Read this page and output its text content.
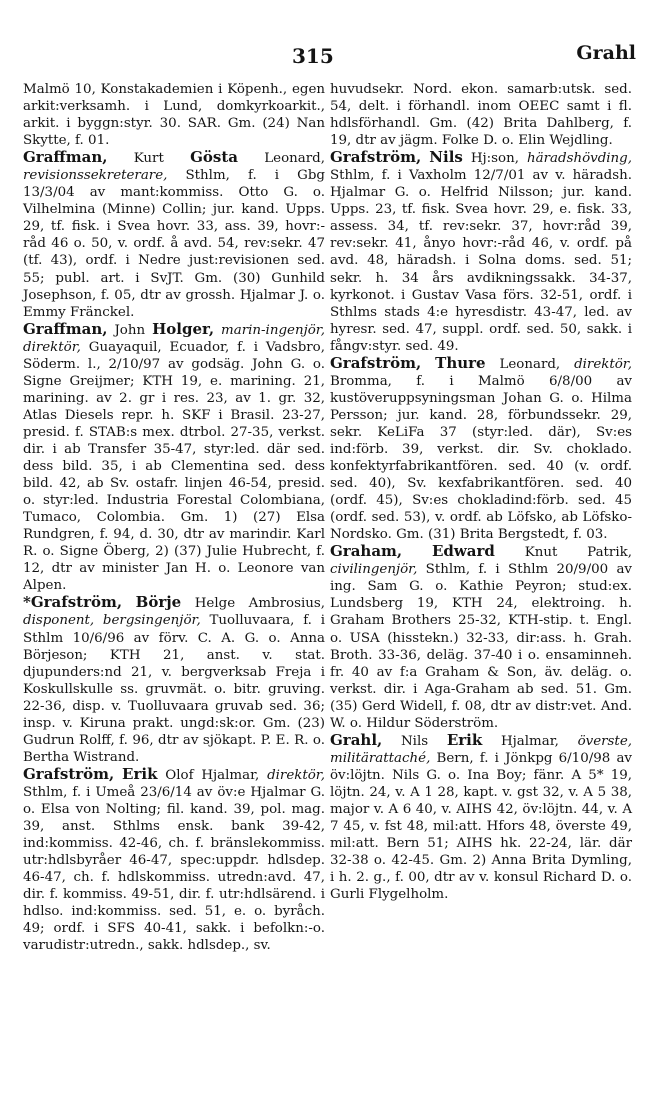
315	Grahl

Malmö 10, Konstakademien i Köpenh., egen arkit:verksamh. i Lund, domkyrkoarkit., arkit. i byggn:styr. 30. SAR. Gm. (24) Nan Skytte, f. 01.

Graffman, Kurt Gösta Leonard, revisionssekreterare, Sthlm, f. i Gbg 13/3/04 av mant:kommiss. Otto G. o. Vilhelmina (Minne) Collin; jur. kand. Upps. 29, tf. fisk. i Svea hovr. 33, ass. 39, hovr:-råd 46 o. 50, v. ordf. å avd. 54, rev:sekr. 47 (tf. 43), ordf. i Nedre just:revisionen sed. 55; publ. art. i SvJT. Gm. (30) Gunhild Josephson, f. 05, dtr av grossh. Hjalmar J. o. Emmy Fränckel.

Graffman, John Holger, marin-ingenjör, direktör, Guayaquil, Ecuador, f. i Vadsbro, Söderm. l., 2/10/97 av godsäg. John G. o. Signe Greijmer; KTH 19, e. marining. 21, marining. av 2. gr i res. 23, av 1. gr. 32, Atlas Diesels repr. h. SKF i Brasil. 23-27, presid. f. STAB:s mex. dtrbol. 27-35, verkst. dir. i ab Transfer 35-47, styr:led. där sed. dess bild. 35, i ab Clementina sed. dess bild. 42, ab Sv. ostafr. linjen 46-54, presid. o. styr:led. Industria Forestal Colombiana, Tumaco, Colombia. Gm. 1) (27) Elsa Rundgren, f. 94, d. 30, dtr av marindir. Karl R. o. Signe Öberg, 2) (37) Julie Hubrecht, f. 12, dtr av minister Jan H. o. Leonore van Alpen.

*Grafström, Börje Helge Ambrosius, disponent, bergsingenjör, Tuolluvaara, f. i Sthlm 10/6/96 av förv. C. A. G. o. Anna Börjeson; KTH 21, anst. v. stat. djupunders:nd 21, v. bergverksab Freja i Koskullskulle ss. gruvmät. o. bitr. gruving. 22-36, disp. v. Tuolluvaara gruvab sed. 36; insp. v. Kiruna prakt. ungd:sk:or. Gm. (23) Gudrun Rolff, f. 96, dtr av sjökapt. P. E. R. o. Bertha Wistrand.

Grafström, Erik Olof Hjalmar, direktör, Sthlm, f. i Umeå 23/6/14 av öv:e Hjalmar G. o. Elsa von Nolting; fil. kand. 39, pol. mag. 39, anst. Sthlms ensk. bank 39-42, ind:kommiss. 42-46, ch. f. bränslekommiss. utr:hdlsbyråer 46-47, spec:uppdr. hdlsdep. 46-47, ch. f. hdlskommiss. utredn:avd. 47, dir. f. kommiss. 49-51, dir. f. utr:hdlsärend. i hdlso. ind:kommiss. sed. 51, e. o. byråch. 49; ordf. i SFS 40-41, sakk. i befolkn:-o. varudistr:utredn., sakk. hdlsdep., sv.

huvudsekr. Nord. ekon. samarb:utsk. sed. 54, delt. i förhandl. inom OEEC samt i fl. hdlsförhandl. Gm. (42) Brita Dahlberg, f. 19, dtr av jägm. Folke D. o. Elin Wejdling.

Grafström, Nils Hj:son, häradshövding, Sthlm, f. i Vaxholm 12/7/01 av v. häradsh. Hjalmar G. o. Helfrid Nilsson; jur. kand. Upps. 23, tf. fisk. Svea hovr. 29, e. fisk. 33, assess. 34, tf. rev:sekr. 37, hovr:råd 39, rev:sekr. 41, ånyo hovr:-råd 46, v. ordf. på avd. 48, häradsh. i Solna doms. sed. 51; sekr. h. 34 års avdikningssakk. 34-37, kyrkonot. i Gustav Vasa förs. 32-51, ordf. i Sthlms stads 4:e hyresdistr. 43-47, led. av hyresr. sed. 47, suppl. ordf. sed. 50, sakk. i fångv:styr. sed. 49.

Grafström, Thure Leonard, direktör, Bromma, f. i Malmö 6/8/00 av kustöveruppsyningsman Johan G. o. Hilma Persson; jur. kand. 28, förbundssekr. 29, sekr. KeLiFa 37 (styr:led. där), Sv:es ind:förb. 39, verkst. dir. Sv. chokladо. konfektyrfabrikantfören. sed. 40 (v. ordf. sed. 40), Sv. kexfabrikantfören. sed. 40 (ordf. 45), Sv:es chokladind:förb. sed. 45 (ordf. sed. 53), v. ordf. ab Löfsko, ab Löfsko-Nordsko. Gm. (31) Brita Bergstedt, f. 03.

Graham, Edward Knut Patrik, civilingenjör, Sthlm, f. i Sthlm 20/9/00 av ing. Sam G. o. Kathie Peyron; stud:ex. Lundsberg 19, KTH 24, elektroing. h. Graham Brothers 25-32, KTH-stip. t. Engl. o. USA (hisstekn.) 32-33, dir:ass. h. Grah. Broth. 33-36, deläg. 37-40 i o. ensaminneh. fr. 40 av f:a Graham & Son, äv. deläg. o. verkst. dir. i Aga-Graham ab sed. 51. Gm. (35) Gerd Widell, f. 08, dtr av distr:vet. And. W. o. Hildur Söderström.

Grahl, Nils Erik Hjalmar, överste, militärattaché, Bern, f. i Jönkpg 6/10/98 av öv:löjtn. Nils G. o. Ina Boy; fänr. A 5* 19, löjtn. 24, v. A 1 28, kapt. v. gst 32, v. A 5 38, major v. A 6 40, v. AIHS 42, öv:löjtn. 44, v. A 7 45, v. fst 48, mil:att. Hfors 48, överste 49, mil:att. Bern 51; AIHS hk. 22-24, lär. där 32-38 o. 42-45. Gm. 2) Anna Brita Dymling, i h. 2. g., f. 00, dtr av v. konsul Richard D. o. Gurli Flygelholm.
